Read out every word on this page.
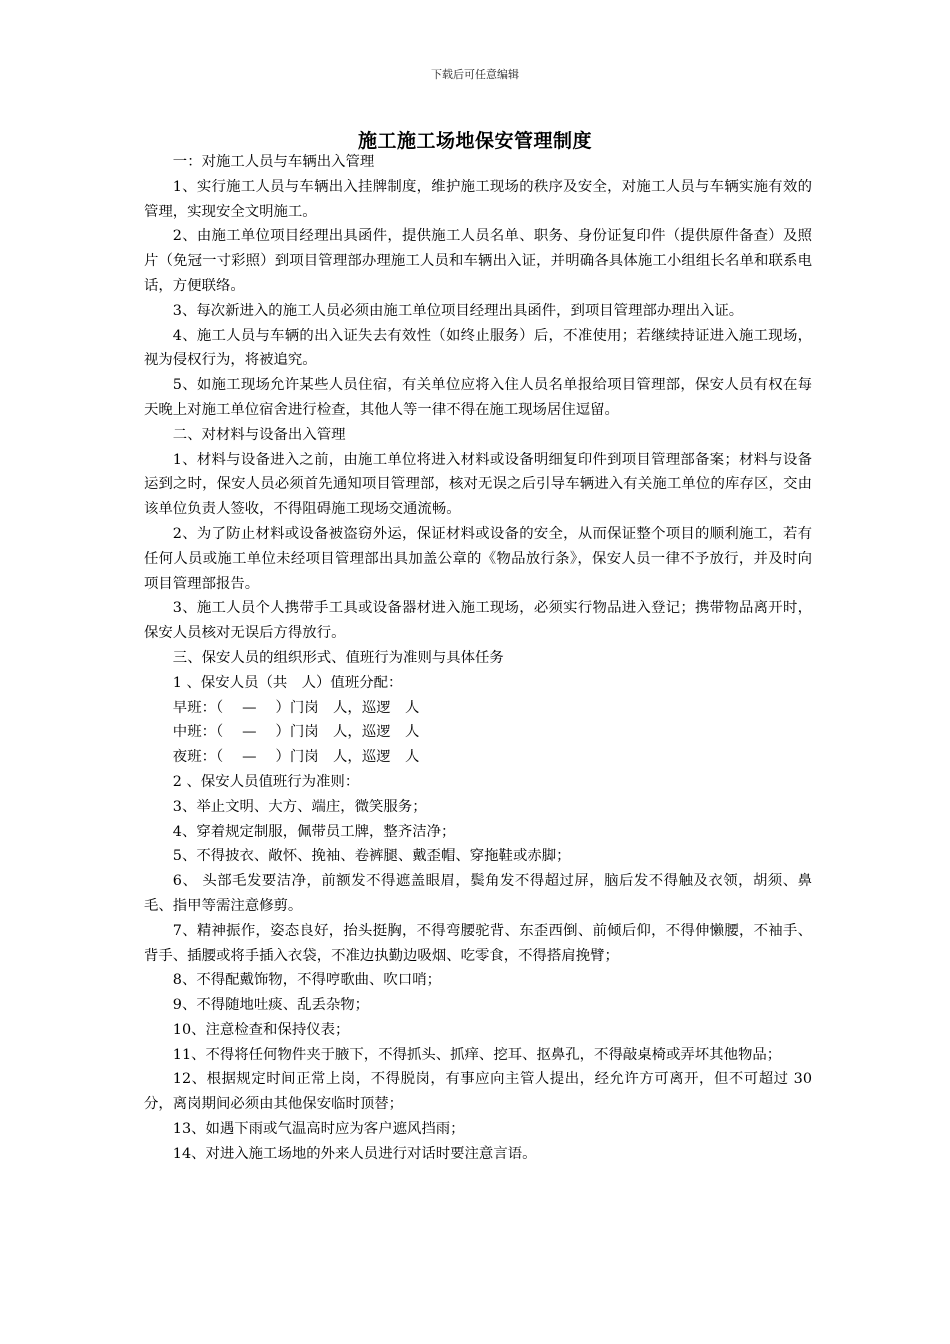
下载后可任意编辑
施工施工场地保安管理制度

一：对施工人员与车辆出入管理

1、实行施工人员与车辆出入挂牌制度，维护施工现场的秩序及安全，对施工人员与车辆实施有效的管理，实现安全文明施工。

2、由施工单位项目经理出具函件，提供施工人员名单、职务、身份证复印件（提供原件备查）及照片（免冠一寸彩照）到项目管理部办理施工人员和车辆出入证，并明确各具体施工小组组长名单和联系电话，方便联络。

3、每次新进入的施工人员必须由施工单位项目经理出具函件，到项目管理部办理出入证。

4、施工人员与车辆的出入证失去有效性（如终止服务）后，不准使用；若继续持证进入施工现场，视为侵权行为，将被追究。

5、如施工现场允许某些人员住宿，有关单位应将入住人员名单报给项目管理部，保安人员有权在每天晚上对施工单位宿舍进行检查，其他人等一律不得在施工现场居住逗留。

二、对材料与设备出入管理

1、材料与设备进入之前，由施工单位将进入材料或设备明细复印件到项目管理部备案；材料与设备运到之时，保安人员必须首先通知项目管理部，核对无误之后引导车辆进入有关施工单位的库存区，交由该单位负责人签收，不得阻碍施工现场交通流畅。

2、为了防止材料或设备被盗窃外运，保证材料或设备的安全，从而保证整个项目的顺利施工，若有任何人员或施工单位未经项目管理部出具加盖公章的《物品放行条》，保安人员一律不予放行，并及时向项目管理部报告。

3、施工人员个人携带手工具或设备器材进入施工现场，必须实行物品进入登记；携带物品离开时，保安人员核对无误后方得放行。

三、保安人员的组织形式、值班行为准则与具体任务

1 、保安人员（共　人）值班分配：

早班：（　 —　 ）门岗　人，巡逻　人

中班：（　 —　 ）门岗　人，巡逻　人

夜班：（　 —　 ）门岗　人，巡逻　人

2 、保安人员值班行为准则：

3、举止文明、大方、端庄，微笑服务；

4、穿着规定制服，佩带员工牌，整齐洁净；

5、不得披衣、敞怀、挽袖、卷裤腿、戴歪帽、穿拖鞋或赤脚；

6、 头部毛发要洁净，前额发不得遮盖眼眉，鬓角发不得超过屏，脑后发不得触及衣领，胡须、鼻毛、指甲等需注意修剪。

7、精神振作，姿态良好，抬头挺胸，不得弯腰驼背、东歪西倒、前倾后仰，不得伸懒腰，不袖手、背手、插腰或将手插入衣袋，不准边执勤边吸烟、吃零食，不得搭肩挽臂；

8、不得配戴饰物，不得哼歌曲、吹口哨；

9、不得随地吐痰、乱丢杂物；

10、注意检查和保持仪表；

11、不得将任何物件夹于腋下，不得抓头、抓痒、挖耳、抠鼻孔，不得敲桌椅或弄坏其他物品；

12、根据规定时间正常上岗，不得脱岗，有事应向主管人提出，经允许方可离开，但不可超过 30 分，离岗期间必须由其他保安临时顶替；

13、如遇下雨或气温高时应为客户遮风挡雨；

14、对进入施工场地的外来人员进行对话时要注意言语。
